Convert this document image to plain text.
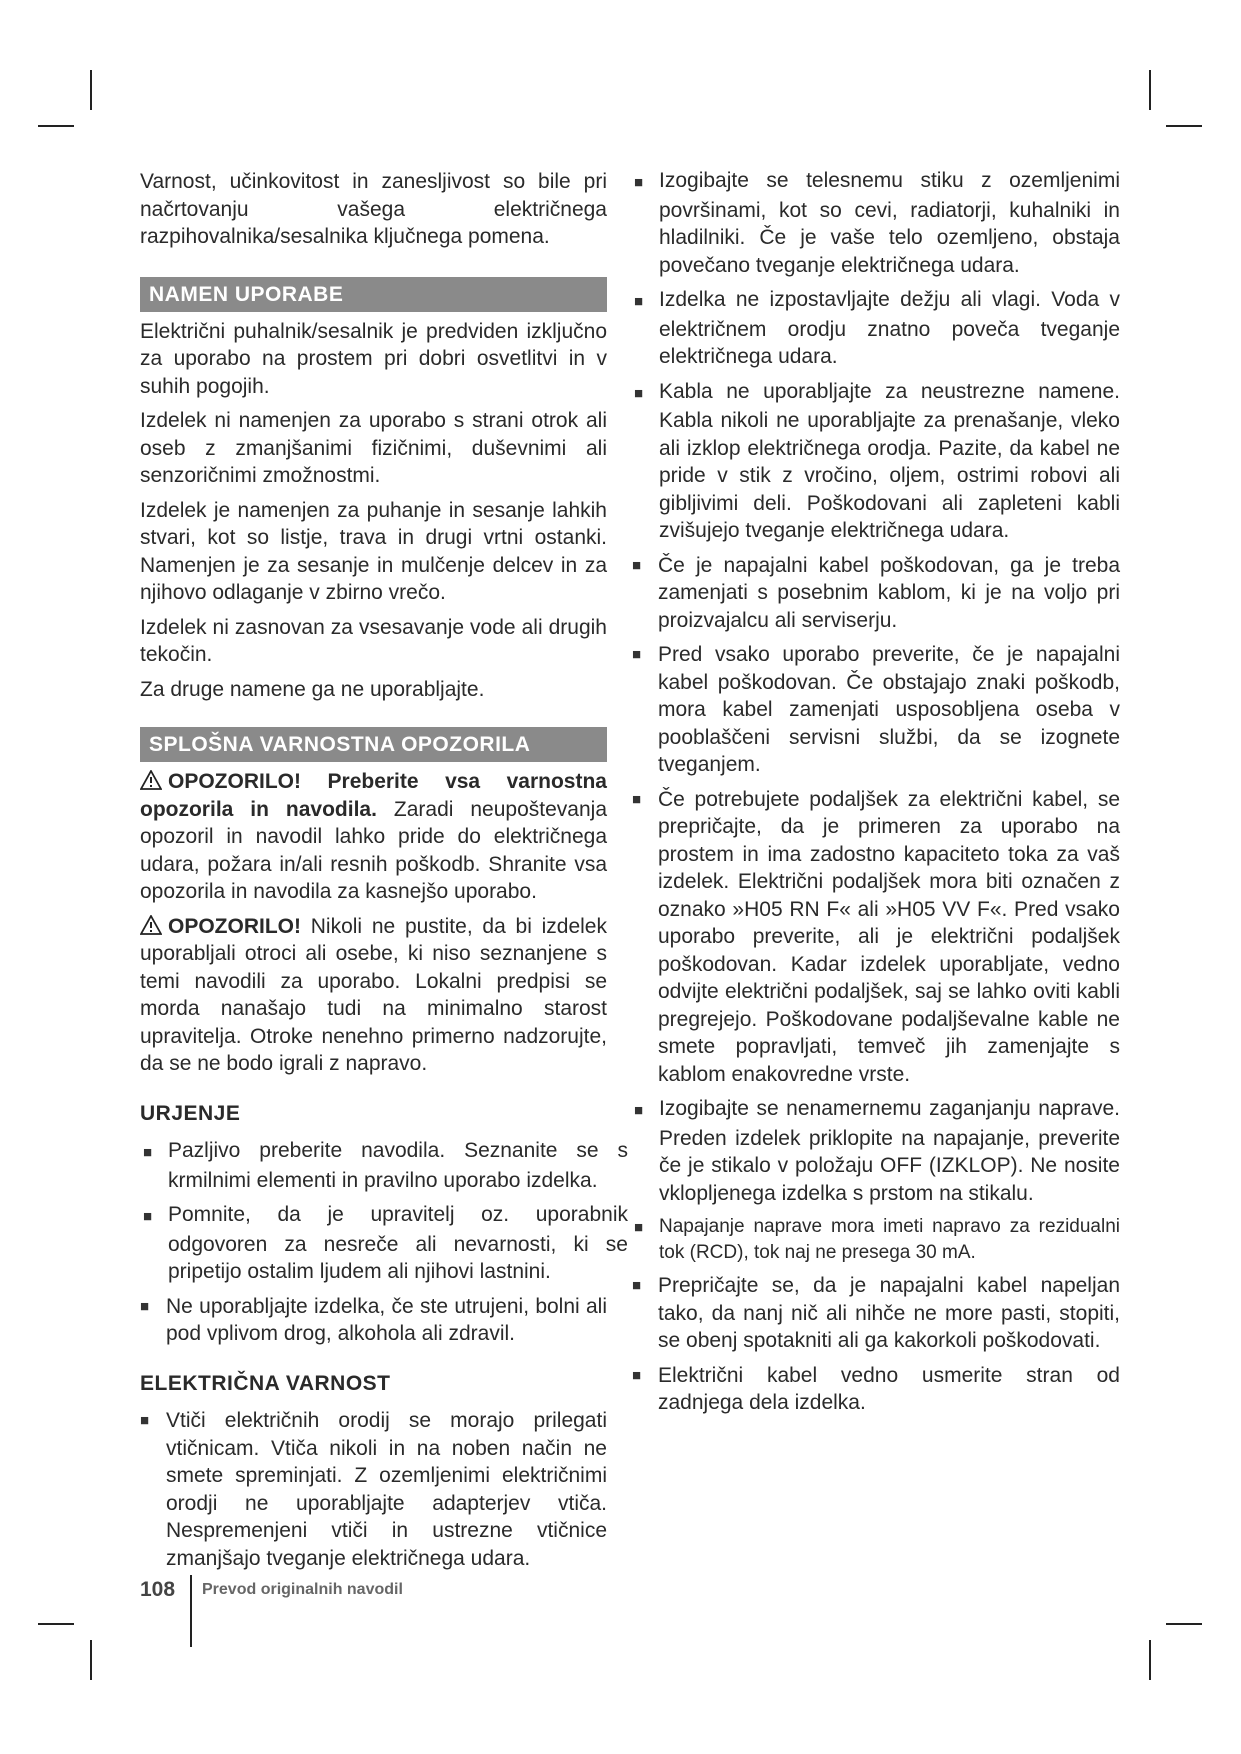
Varnost, učinkovitost in zanesljivost so bile pri načrtovanju vašega električnega razpihovalnika/sesalnika ključnega pomena.

NAMEN UPORABE

Električni puhalnik/sesalnik je predviden izključno za uporabo na prostem pri dobri osvetlitvi in v suhih pogojih.

Izdelek ni namenjen za uporabo s strani otrok ali oseb z zmanjšanimi fizičnimi, duševnimi ali senzoričnimi zmožnostmi.

Izdelek je namenjen za puhanje in sesanje lahkih stvari, kot so listje, trava in drugi vrtni ostanki. Namenjen je za sesanje in mulčenje delcev in za njihovo odlaganje v zbirno vrečo.

Izdelek ni zasnovan za vsesavanje vode ali drugih tekočin.

Za druge namene ga ne uporabljajte.

SPLOŠNA VARNOSTNA OPOZORILA

OPOZORILO! Preberite vsa varnostna opozorila in navodila. Zaradi neupoštevanja opozoril in navodil lahko pride do električnega udara, požara in/ali resnih poškodb. Shranite vsa opozorila in navodila za kasnejšo uporabo.

OPOZORILO! Nikoli ne pustite, da bi izdelek uporabljali otroci ali osebe, ki niso seznanjene s temi navodili za uporabo. Lokalni predpisi se morda nanašajo tudi na minimalno starost upravitelja. Otroke nenehno primerno nadzorujte, da se ne bodo igrali z napravo.

URJENJE
■ Pazljivo preberite navodila. Seznanite se s krmilnimi elementi in pravilno uporabo izdelka.
■ Pomnite, da je upravitelj oz. uporabnik odgovoren za nesreče ali nevarnosti, ki se pripetijo ostalim ljudem ali njihovi lastnini.
■ Ne uporabljajte izdelka, če ste utrujeni, bolni ali pod vplivom drog, alkohola ali zdravil.
ELEKTRIČNA VARNOST
■ Vtiči električnih orodij se morajo prilegati vtičnicam. Vtiča nikoli in na noben način ne smete spreminjati. Z ozemljenimi električnimi orodji ne uporabljajte adapterjev vtiča. Nespremenjeni vtiči in ustrezne vtičnice zmanjšajo tveganje električnega udara.
■ Izogibajte se telesnemu stiku z ozemljenimi površinami, kot so cevi, radiatorji, kuhalniki in hladilniki. Če je vaše telo ozemljeno, obstaja povečano tveganje električnega udara.
■ Izdelka ne izpostavljajte dežju ali vlagi. Voda v električnem orodju znatno poveča tveganje električnega udara.
■ Kabla ne uporabljajte za neustrezne namene. Kabla nikoli ne uporabljajte za prenašanje, vleko ali izklop električnega orodja. Pazite, da kabel ne pride v stik z vročino, oljem, ostrimi robovi ali gibljivimi deli. Poškodovani ali zapleteni kabli zvišujejo tveganje električnega udara.
■ Če je napajalni kabel poškodovan, ga je treba zamenjati s posebnim kablom, ki je na voljo pri proizvajalcu ali serviserju.
■ Pred vsako uporabo preverite, če je napajalni kabel poškodovan. Če obstajajo znaki poškodb, mora kabel zamenjati usposobljena oseba v pooblaščeni servisni službi, da se izognete tveganjem.
■ Če potrebujete podaljšek za električni kabel, se prepričajte, da je primeren za uporabo na prostem in ima zadostno kapaciteto toka za vaš izdelek. Električni podaljšek mora biti označen z oznako »H05 RN F« ali »H05 VV F«. Pred vsako uporabo preverite, ali je električni podaljšek poškodovan. Kadar izdelek uporabljate, vedno odvijte električni podaljšek, saj se lahko oviti kabli pregrejejo. Poškodovane podaljševalne kable ne smete popravljati, temveč jih zamenjajte s kablom enakovredne vrste.
■ Izogibajte se nenamernemu zaganjanju naprave. Preden izdelek priklopite na napajanje, preverite če je stikalo v položaju OFF (IZKLOP). Ne nosite vklopljenega izdelka s prstom na stikalu.
■ Napajanje naprave mora imeti napravo za rezidualni tok (RCD), tok naj ne presega 30 mA.
■ Prepričajte se, da je napajalni kabel napeljan tako, da nanj nič ali nihče ne more pasti, stopiti, se obenj spotakniti ali ga kakorkoli poškodovati.
■ Električni kabel vedno usmerite stran od zadnjega dela izdelka.
108 Prevod originalnih navodil
